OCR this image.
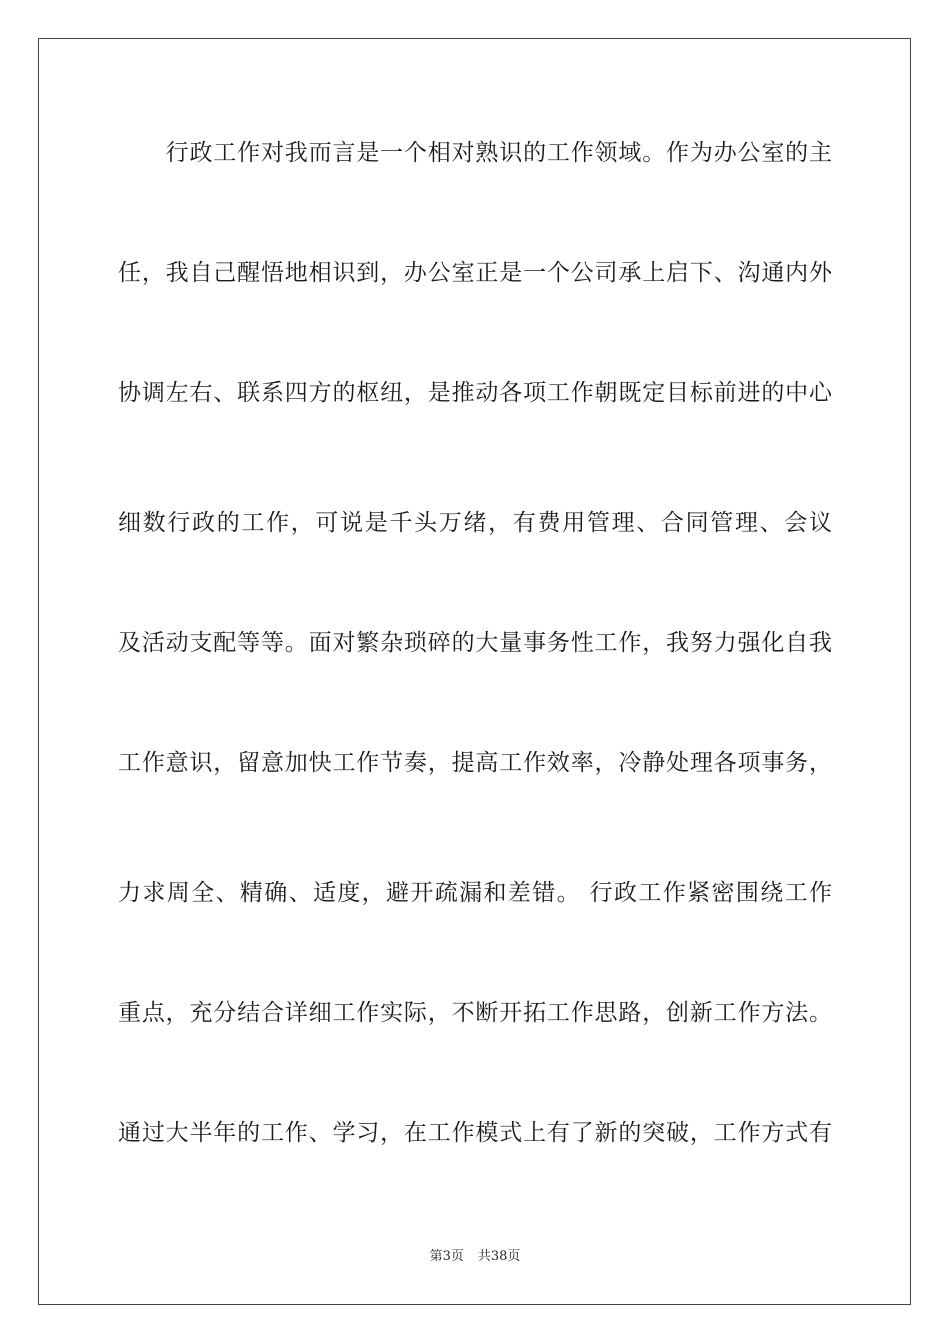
　　行政工作对我而言是一个相对熟识的工作领域。作为办公室的主
任，我自己醒悟地相识到，办公室正是一个公司承上启下、沟通内外
协调左右、联系四方的枢纽，是推动各项工作朝既定目标前进的中心
细数行政的工作，可说是千头万绪，有费用管理、合同管理、会议
及活动支配等等。面对繁杂琐碎的大量事务性工作，我努力强化自我
工作意识，留意加快工作节奏，提高工作效率，冷静处理各项事务，
力求周全、精确、适度，避开疏漏和差错。 行政工作紧密围绕工作
重点，充分结合详细工作实际，不断开拓工作思路，创新工作方法。
通过大半年的工作、学习，在工作模式上有了新的突破，工作方式有
第3页 共38页
